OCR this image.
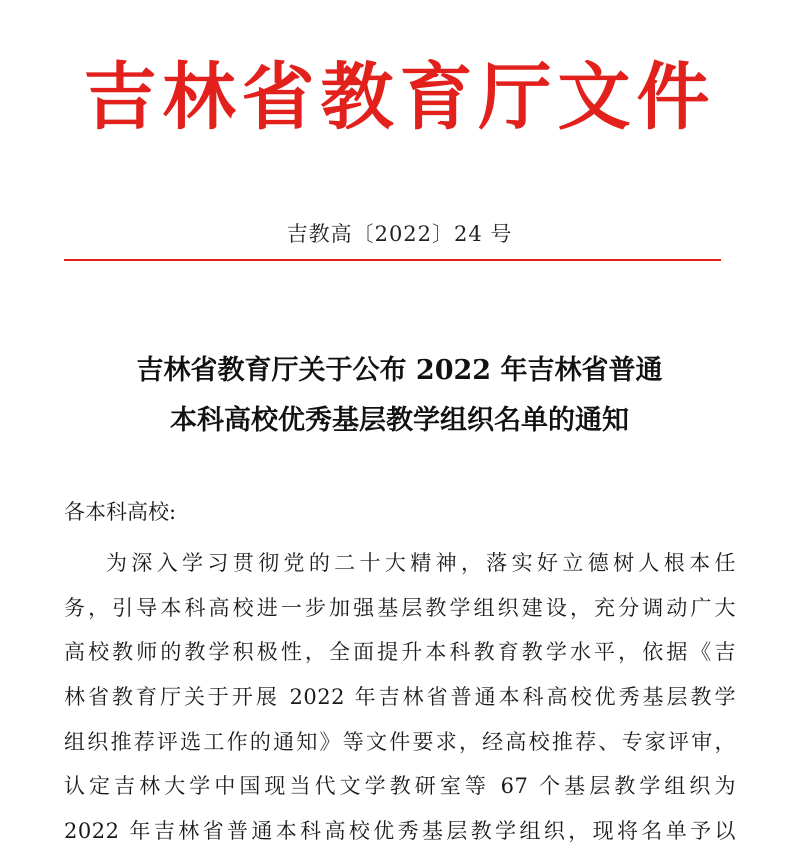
吉林省教育厅文件
吉教高〔2022〕24 号
吉林省教育厅关于公布 2022 年吉林省普通
本科高校优秀基层教学组织名单的通知
各本科高校:
为深入学习贯彻党的二十大精神，落实好立德树人根本任
务，引导本科高校进一步加强基层教学组织建设，充分调动广大
高校教师的教学积极性，全面提升本科教育教学水平，依据《吉
林省教育厅关于开展 2022 年吉林省普通本科高校优秀基层教学
组织推荐评选工作的通知》等文件要求，经高校推荐、专家评审，
认定吉林大学中国现当代文学教研室等 67 个基层教学组织为
2022 年吉林省普通本科高校优秀基层教学组织，现将名单予以
